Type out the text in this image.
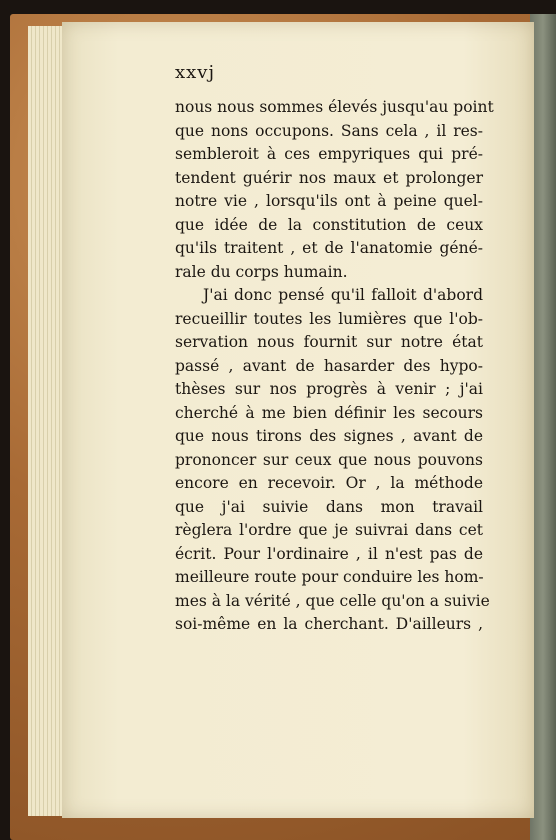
xxvj
nous nous sommes élevés jusqu'au point
que nons occupons. Sans cela , il res-
sembleroit à ces empyriques qui pré-
tendent guérir nos maux et prolonger
notre vie , lorsqu'ils ont à peine quel-
que idée de la constitution de ceux
qu'ils traitent , et de l'anatomie géné-
rale du corps humain.
J'ai donc pensé qu'il falloit d'abord
recueillir toutes les lumières que l'ob-
servation nous fournit sur notre état
passé , avant de hasarder des hypo-
thèses sur nos progrès à venir ; j'ai
cherché à me bien définir les secours
que nous tirons des signes , avant de
prononcer sur ceux que nous pouvons
encore en recevoir. Or , la méthode
que j'ai suivie dans mon travail
règlera l'ordre que je suivrai dans cet
écrit. Pour l'ordinaire , il n'est pas de
meilleure route pour conduire les hom-
mes à la vérité , que celle qu'on a suivie
soi-même en la cherchant. D'ailleurs ,
